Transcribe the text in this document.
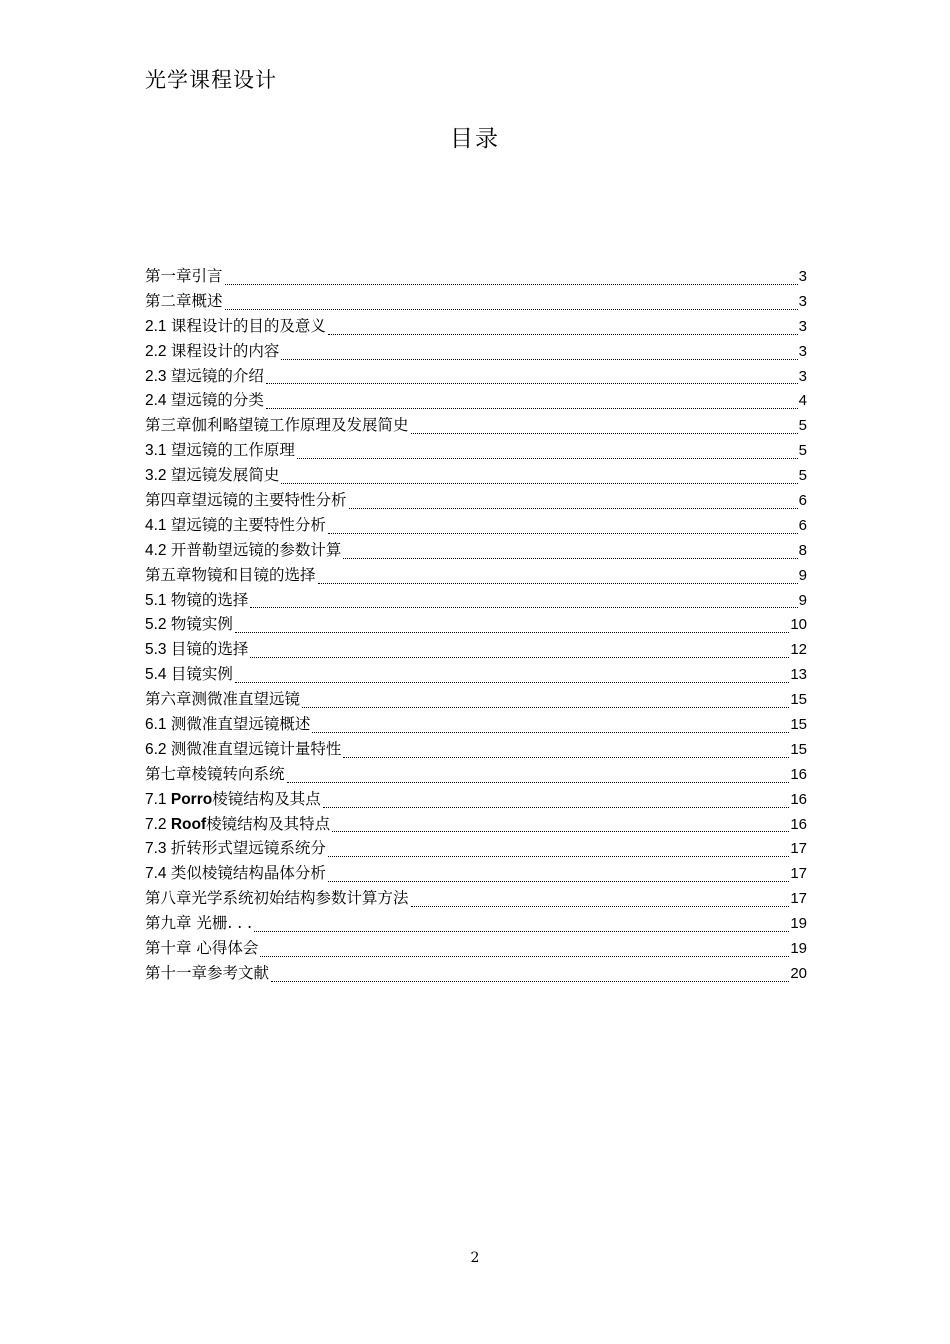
光学课程设计
目录
第一章引言	3
第二章概述	3
2.1 课程设计的目的及意义	3
2.2 课程设计的内容	3
2.3 望远镜的介绍	3
2.4 望远镜的分类	4
第三章伽利略望镜工作原理及发展简史	5
3.1 望远镜的工作原理	5
3.2 望远镜发展简史	5
第四章望远镜的主要特性分析	6
4.1 望远镜的主要特性分析	6
4.2 开普勒望远镜的参数计算	8
第五章物镜和目镜的选择	9
5.1 物镜的选择	9
5.2 物镜实例	10
5.3 目镜的选择	12
5.4 目镜实例	13
第六章测微准直望远镜	15
6.1 测微准直望远镜概述	15
6.2 测微准直望远镜计量特性	15
第七章棱镜转向系统	16
7.1 Porro棱镜结构及其点	16
7.2 Roof棱镜结构及其特点	16
7.3 折转形式望远镜系统分	17
7.4 类似棱镜结构晶体分析	17
第八章光学系统初始结构参数计算方法	17
第九章 光栅. . .	19
第十章 心得体会	19
第十一章参考文献	20
2
